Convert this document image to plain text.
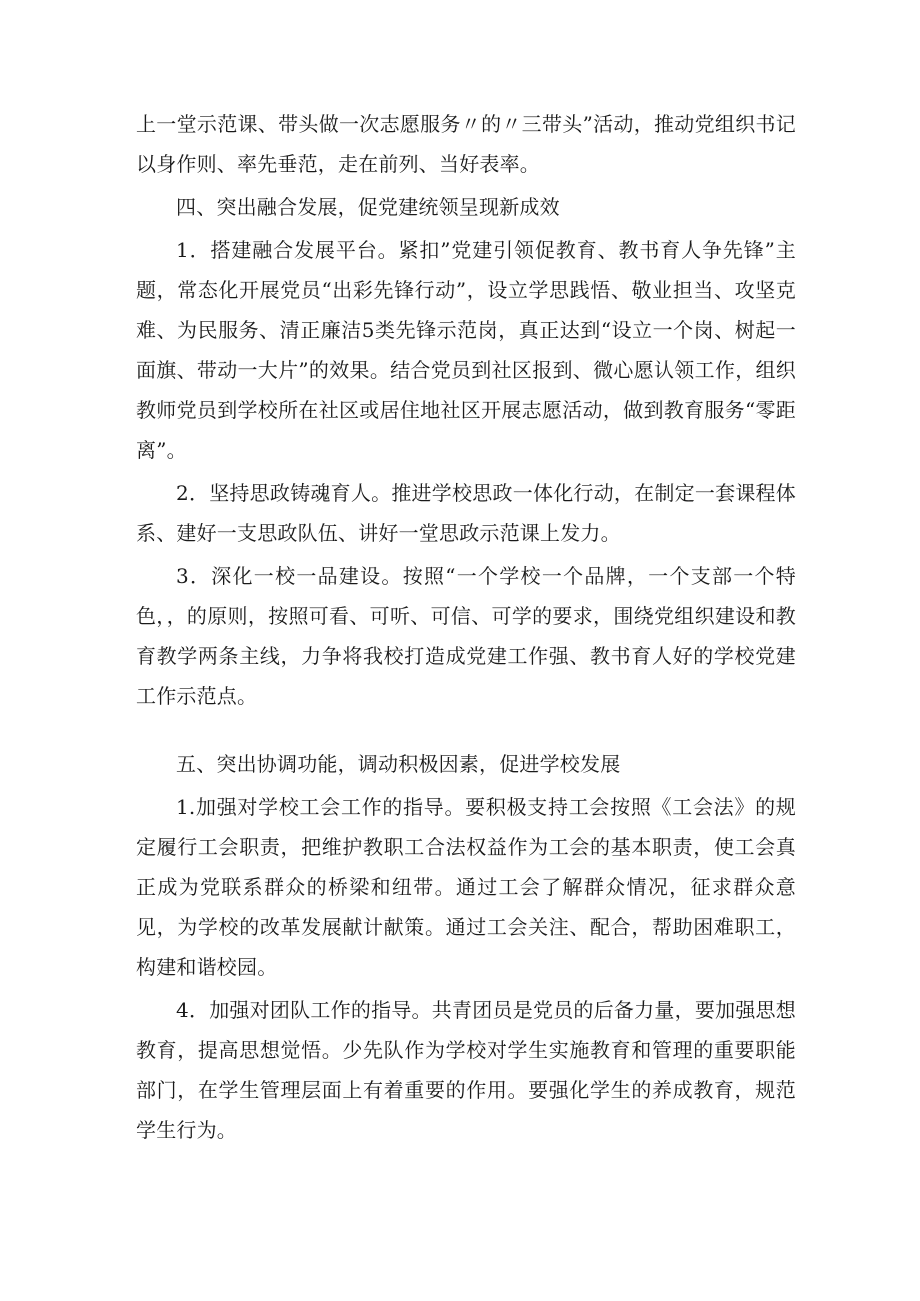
上一堂示范课、带头做一次志愿服务〃的〃三带头”活动，推动党组织书记以身作则、率先垂范，走在前列、当好表率。

四、突出融合发展，促党建统领呈现新成效

1．搭建融合发展平台。紧扣”党建引领促教育、教书育人争先锋”主题，常态化开展党员“出彩先锋行动”，设立学思践悟、敬业担当、攻坚克难、为民服务、清正廉洁5类先锋示范岗，真正达到“设立一个岗、树起一面旗、带动一大片”的效果。结合党员到社区报到、微心愿认领工作，组织教师党员到学校所在社区或居住地社区开展志愿活动，做到教育服务“零距离”。

2．坚持思政铸魂育人。推进学校思政一体化行动，在制定一套课程体系、建好一支思政队伍、讲好一堂思政示范课上发力。

3．深化一校一品建设。按照“一个学校一个品牌，一个支部一个特色，，的原则，按照可看、可听、可信、可学的要求，围绕党组织建设和教育教学两条主线，力争将我校打造成党建工作强、教书育人好的学校党建工作示范点。

五、突出协调功能，调动积极因素，促进学校发展

1.加强对学校工会工作的指导。要积极支持工会按照《工会法》的规定履行工会职责，把维护教职工合法权益作为工会的基本职责，使工会真正成为党联系群众的桥梁和纽带。通过工会了解群众情况，征求群众意见，为学校的改革发展献计献策。通过工会关注、配合，帮助困难职工，构建和谐校园。

4．加强对团队工作的指导。共青团员是党员的后备力量，要加强思想教育，提高思想觉悟。少先队作为学校对学生实施教育和管理的重要职能部门，在学生管理层面上有着重要的作用。要强化学生的养成教育，规范学生行为。
